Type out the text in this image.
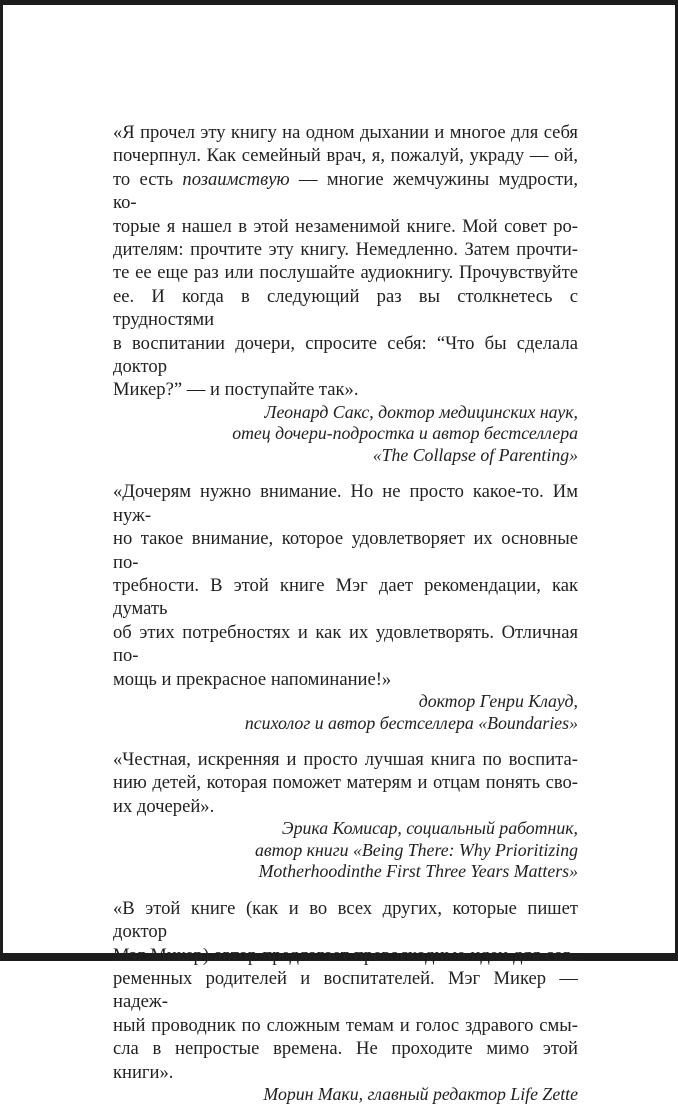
«Я прочел эту книгу на одном дыхании и многое для себя
почерпнул. Как семейный врач, я, пожалуй, украду — ой,
то есть позаимствую — многие жемчужины мудрости, ко-
торые я нашел в этой незаменимой книге. Мой совет ро-
дителям: прочтите эту книгу. Немедленно. Затем прочти-
те ее еще раз или послушайте аудиокнигу. Прочувствуйте
ее. И когда в следующий раз вы столкнетесь с трудностями
в воспитании дочери, спросите себя: “Что бы сделала доктор
Микер?” — и поступайте так».
Леонард Сакс, доктор медицинских наук,
отец дочери-подростка и автор бестселлера
«The Collapse of Parenting»
«Дочерям нужно внимание. Но не просто какое-то. Им нуж-
но такое внимание, которое удовлетворяет их основные по-
требности. В этой книге Мэг дает рекомендации, как думать
об этих потребностях и как их удовлетворять. Отличная по-
мощь и прекрасное напоминание!»
доктор Генри Клауд,
психолог и автор бестселлера «Boundaries»
«Честная, искренняя и просто лучшая книга по воспита-
нию детей, которая поможет матерям и отцам понять сво-
их дочерей».
Эрика Комисар, социальный работник,
автор книги «Being There: Why Prioritizing
Motherhoodinthe First Three Years Matters»
«В этой книге (как и во всех других, которые пишет доктор
Мэг Микер) автор предлагает превосходные идеи для сов-
ременных родителей и воспитателей. Мэг Микер — надеж-
ный проводник по сложным темам и голос здравого смы-
сла в непростые времена. Не проходите мимо этой книги».
Морин Маки, главный редактор Life Zette
